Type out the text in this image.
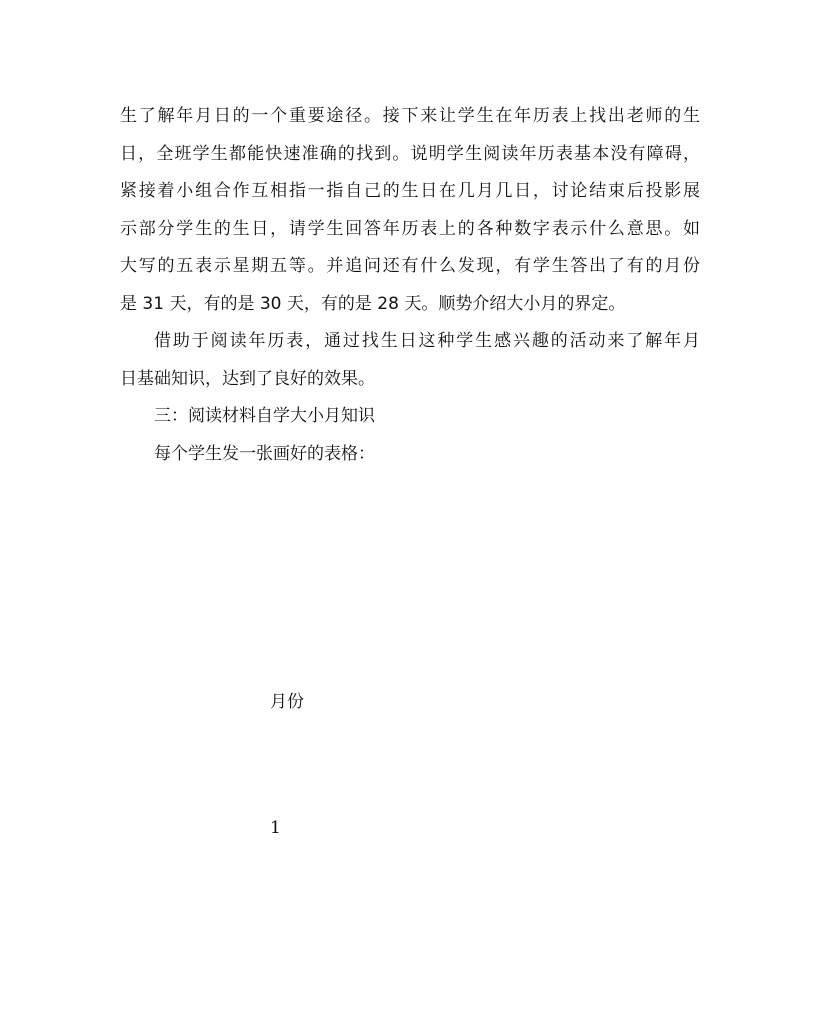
生了解年月日的一个重要途径。接下来让学生在年历表上找出老师的生
日，全班学生都能快速准确的找到。说明学生阅读年历表基本没有障碍，
紧接着小组合作互相指一指自己的生日在几月几日，讨论结束后投影展
示部分学生的生日，请学生回答年历表上的各种数字表示什么意思。如
大写的五表示星期五等。并追问还有什么发现，有学生答出了有的月份
是 31 天，有的是 30 天，有的是 28 天。顺势介绍大小月的界定。
借助于阅读年历表，通过找生日这种学生感兴趣的活动来了解年月
日基础知识，达到了良好的效果。
三：阅读材料自学大小月知识
每个学生发一张画好的表格：
月份
1
